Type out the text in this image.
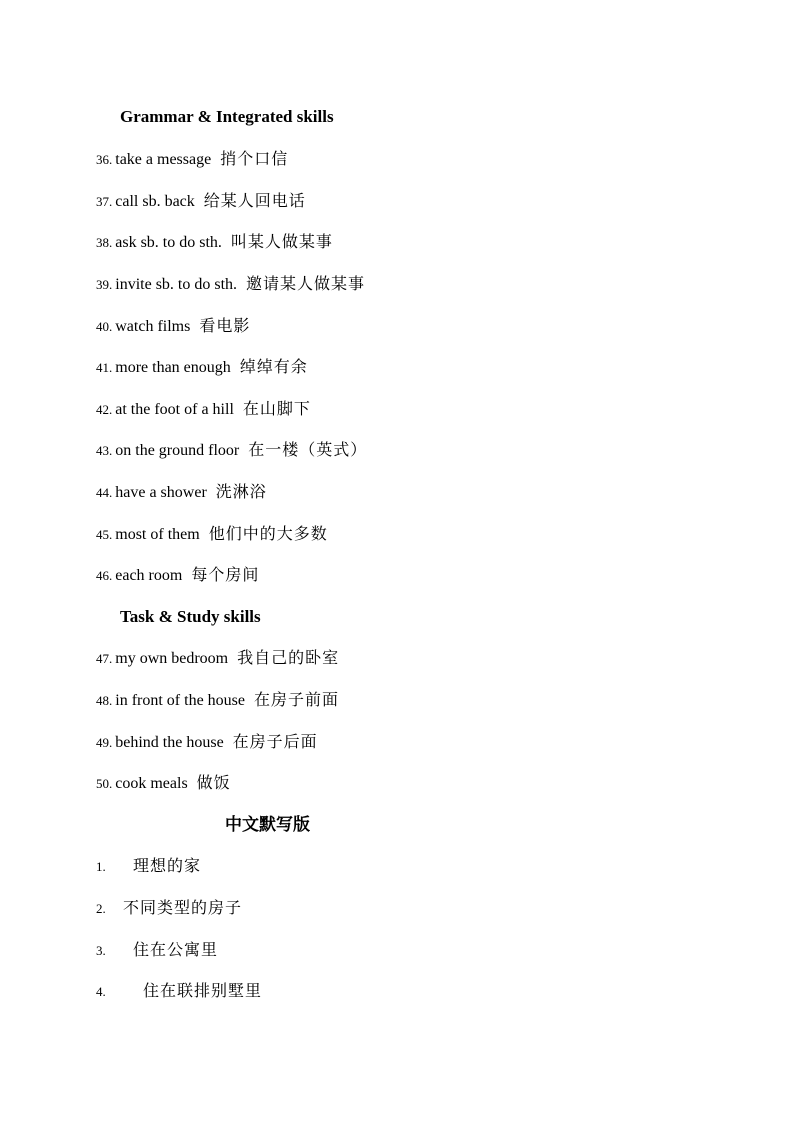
Grammar & Integrated skills
36. take a message 捎个口信
37. call sb. back 给某人回电话
38. ask sb. to do sth. 叫某人做某事
39. invite sb. to do sth. 邀请某人做某事
40. watch films 看电影
41. more than enough 绰绰有余
42. at the foot of a hill 在山脚下
43. on the ground floor 在一楼（英式）
44. have a shower 洗淋浴
45. most of them 他们中的大多数
46. each room 每个房间
Task & Study skills
47. my own bedroom 我自己的卧室
48. in front of the house 在房子前面
49. behind the house 在房子后面
50. cook meals 做饭
中文默写版
1. 理想的家
2. 不同类型的房子
3. 住在公寓里
4. 住在联排别墅里
